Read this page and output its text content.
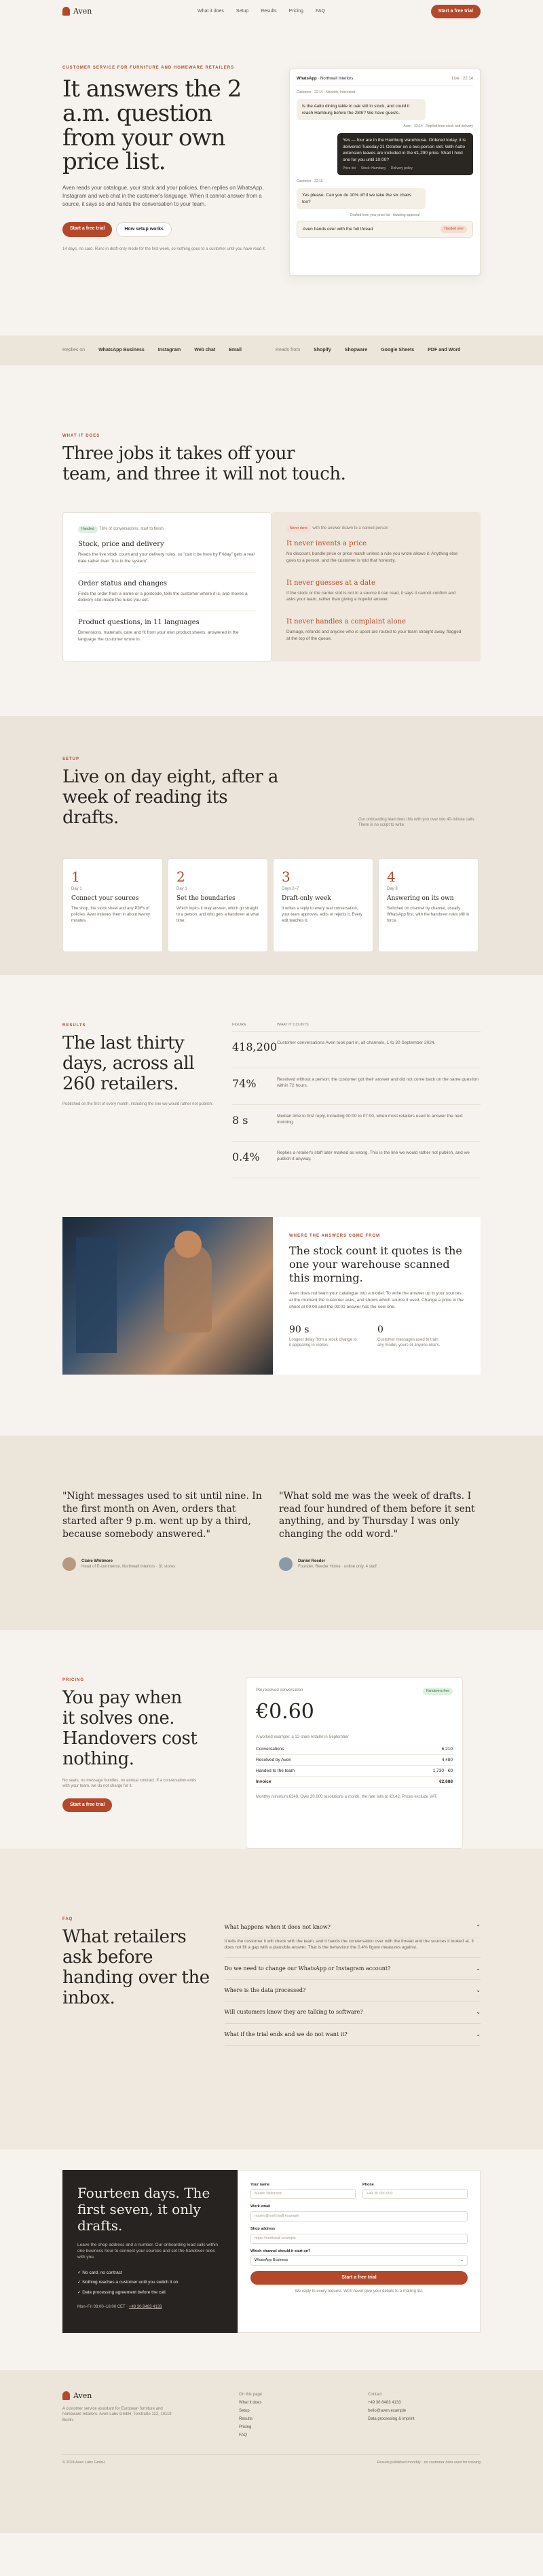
Aven	What it does	Setup	Results	Pricing	FAQ	Start a free trial
CUSTOMER SERVICE FOR FURNITURE AND HOMEWARE RETAILERS
It answers the 2 a.m. question from your own price list.

Aven reads your catalogue, your stock and your policies, then replies on WhatsApp, Instagram and web chat in the customer's language. When it cannot answer from a source, it says so and hands the conversation to your team.

Start a free trial	How setup works
14 days, no card. Runs in draft-only mode for the first week, so nothing goes to a customer until you have read it.
WhatsApp · Northwall Interiors	Live · 22:14
Customer · 22:14 · Norwich, Interested
Is the Aalto dining table in oak still in stock, and could it reach Hamburg before the 28th? We have guests.
Aven · 22:14 · Replied from stock and delivery
Yes — four are in the Hamburg warehouse. Ordered today, it is delivered Tuesday 21 October on a two-person slot. With Aalto extension leaves are included in the €1,290 price. Shall I hold one for you until 10:00?
Price list Stock: Hamburg Delivery policy
Customer · 22:16
Yes please. Can you do 10% off if we take the six chairs too?
Drafted from your price list · Awaiting approval
Aven hands over with the full thread	Handed over
Replies on	WhatsApp Business	Instagram	Web chat	Email	Reads from	Shopify	Shopware	Google Sheets	PDF and Word
WHAT IT DOES
Three jobs it takes off your team, and three it will not touch.
Handled 78% of conversations, start to finish
Stock, price and delivery

Reads the live stock count and your delivery rules, so "can it be here by Friday" gets a real date rather than "it is in the system".

Order status and changes

Finds the order from a name or a postcode, tells the customer where it is, and moves a delivery slot inside the rules you set.

Product questions, in 11 languages

Dimensions, materials, care and fit from your own product sheets, answered in the language the customer wrote in.

Never done with the answer drawn to a named person
It never invents a price

No discount, bundle price or price match unless a rule you wrote allows it. Anything else goes to a person, and the customer is told that honestly.

It never guesses at a date

If the stock or the carrier slot is not in a source it can read, it says it cannot confirm and asks your team, rather than giving a hopeful answer.

It never handles a complaint alone

Damage, refunds and anyone who is upset are routed to your team straight away, flagged at the top of the queue.

SETUP
Live on day eight, after a week of reading its drafts.	Our onboarding lead does this with you over two 40-minute calls. There is no script to write.
1
Day 1
Connect your sources

The shop, the stock sheet and any PDFs of policies. Aven indexes them in about twenty minutes.

2
Day 1
Set the boundaries

Which topics it may answer, which go straight to a person, and who gets a handover at what time.

3
Days 2–7
Draft-only week

It writes a reply to every real conversation, your team approves, edits or rejects it. Every edit teaches it.

4
Day 8
Answering on its own

Switched on channel by channel, usually WhatsApp first, with the handover rules still in force.

RESULTS
The last thirty days, across all 260 retailers.
Published on the first of every month, including the line we would rather not publish.
FIGURE	WHAT IT COUNTS
418,200 Customer conversations Aven took part in, all channels, 1 to 30 September 2024.
74%	Resolved without a person: the customer got their answer and did not come back on the same question within 72 hours.
8 s	Median time to first reply, including 00:00 to 07:00, when most retailers used to answer the next morning.
0.4%	Replies a retailer's staff later marked as wrong. This is the line we would rather not publish, and we publish it anyway.
WHERE THE ANSWERS COME FROM
The stock count it quotes is the one your warehouse scanned this morning.
Aven does not learn your catalogue into a model. To write the answer up in your sources at the moment the customer asks, and shows which source it used. Change a price in the sheet at 09:00 and the 09:01 answer has the new one.
90 s
Longest delay from a stock change to it appearing in replies.
0
Customer messages used to train any model, yours or anyone else's.
"Night messages used to sit until nine. In the first month on Aven, orders that started after 9 p.m. went up by a third, because somebody answered."
Claire Whitmore
Head of E-commerce, Northwall Interiors · 31 stores
"What sold me was the week of drafts. I read four hundred of them before it sent anything, and by Thursday I was only changing the odd word."
Daniel Reeder
Founder, Reeder Home · online only, 4 staff
PRICING
You pay when it solves one. Handovers cost nothing.
No seats, no message bundles, no annual contract. If a conversation ends with your team, we do not charge for it.
Start a free trial
Per resolved conversation	Handovers free
€0.60
A worked example: a 12-store retailer in September
Conversations	6,210
Resolved by Aven	4,480
Handed to the team	1,730 · €0
Invoice	€2,688
Monthly minimum €149. Over 20,000 resolutions a month, the rate falls to €0.42. Prices exclude VAT.
FAQ
What retailers ask before handing over the inbox.
What happens when it does not know?	⌃
It tells the customer it will check with the team, and it hands the conversation over with the thread and the sources it looked at. It does not fill a gap with a plausible answer. That is the behaviour the 0.4% figure measures against.
Do we need to change our WhatsApp or Instagram account?	⌄
Where is the data processed?	⌄
Will customers know they are talking to software?	⌄
What if the trial ends and we do not want it?	⌄
Fourteen days. The first seven, it only drafts.
Leave the shop address and a number. Our onboarding lead calls within one business hour to connect your sources and set the handover rules with you.
✓ No card, no contract
✓ Nothing reaches a customer until you switch it on
✓ Data processing agreement before the call
Mon–Fri 08:00–18:00 CET · +49 30 8483 4133
Your name
Maren Wilkinson
Phone
+49 30 000 000
Work email
maren@northwall.example
Shop address
https://northwall.example
Which channel should it start on?
WhatsApp Business	⌄
Start a free trial
We reply to every request. We'll never give your details to a mailing list.
Aven
A customer service assistant for European furniture and homeware retailers. Aven Labs GmbH, Torstraße 112, 10119 Berlin.
On this page
What it does
Setup
Results
Pricing
FAQ
Contact
+49 30 8483 4133
hello@aven.example
Data processing & imprint
© 2024 Aven Labs GmbH	Results published monthly · no customer data used for training
